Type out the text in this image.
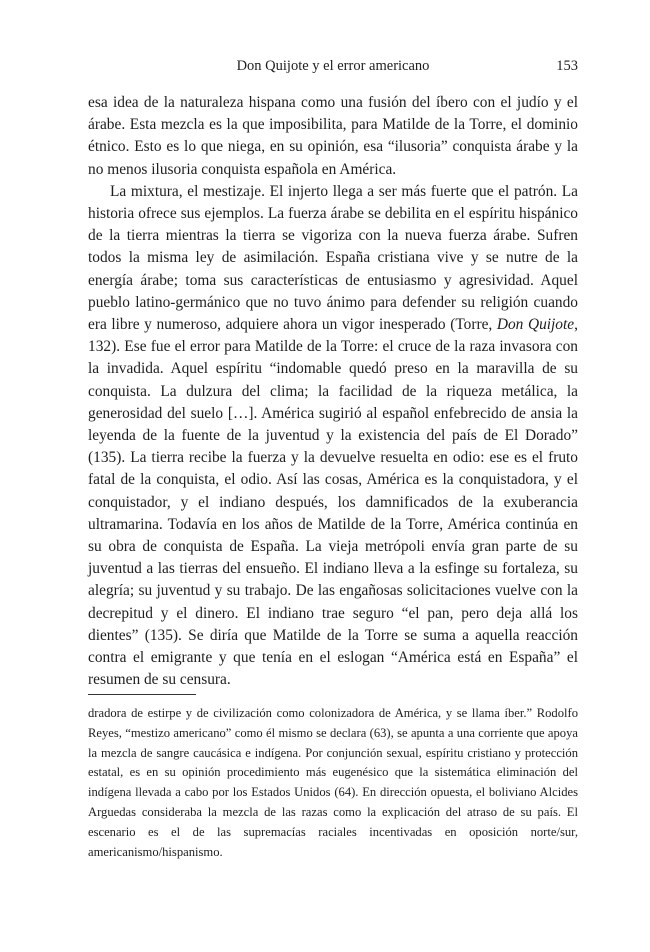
Don Quijote y el error americano	153

esa idea de la naturaleza hispana como una fusión del íbero con el judío y el árabe. Esta mezcla es la que imposibilita, para Matilde de la Torre, el dominio étnico. Esto es lo que niega, en su opinión, esa “ilusoria” conquista árabe y la no menos ilusoria conquista española en América.

La mixtura, el mestizaje. El injerto llega a ser más fuerte que el patrón. La historia ofrece sus ejemplos. La fuerza árabe se debilita en el espíritu hispánico de la tierra mientras la tierra se vigoriza con la nueva fuerza árabe. Sufren todos la misma ley de asimilación. España cristiana vive y se nutre de la energía árabe; toma sus características de entusiasmo y agresividad. Aquel pueblo latino-germánico que no tuvo ánimo para defender su religión cuando era libre y numeroso, adquiere ahora un vigor inesperado (Torre, Don Quijote, 132). Ese fue el error para Matilde de la Torre: el cruce de la raza invasora con la invadida. Aquel espíritu “indomable quedó preso en la maravilla de su conquista. La dulzura del clima; la facilidad de la riqueza metálica, la generosidad del suelo […]. América sugirió al español enfebrecido de ansia la leyenda de la fuente de la juventud y la existencia del país de El Dorado” (135). La tierra recibe la fuerza y la devuelve resuelta en odio: ese es el fruto fatal de la conquista, el odio. Así las cosas, América es la conquistadora, y el conquistador, y el indiano después, los damnificados de la exuberancia ultramarina. Todavía en los años de Matilde de la Torre, América continúa en su obra de conquista de España. La vieja metrópoli envía gran parte de su juventud a las tierras del ensueño. El indiano lleva a la esfinge su fortaleza, su alegría; su juventud y su trabajo. De las engañosas solicitaciones vuelve con la decrepitud y el dinero. El indiano trae seguro “el pan, pero deja allá los dientes” (135). Se diría que Matilde de la Torre se suma a aquella reacción contra el emigrante y que tenía en el eslogan “América está en España” el resumen de su censura.

dradora de estirpe y de civilización como colonizadora de América, y se llama íber.” Rodolfo Reyes, “mestizo americano” como él mismo se declara (63), se apunta a una corriente que apoya la mezcla de sangre caucásica e indígena. Por conjunción sexual, espíritu cristiano y protección estatal, es en su opinión procedimiento más eugenésico que la sistemática eliminación del indígena llevada a cabo por los Estados Unidos (64). En dirección opuesta, el boliviano Alcides Arguedas consideraba la mezcla de las razas como la explicación del atraso de su país. El escenario es el de las supremacías raciales incentivadas en oposición norte/sur, americanismo/hispanismo.
